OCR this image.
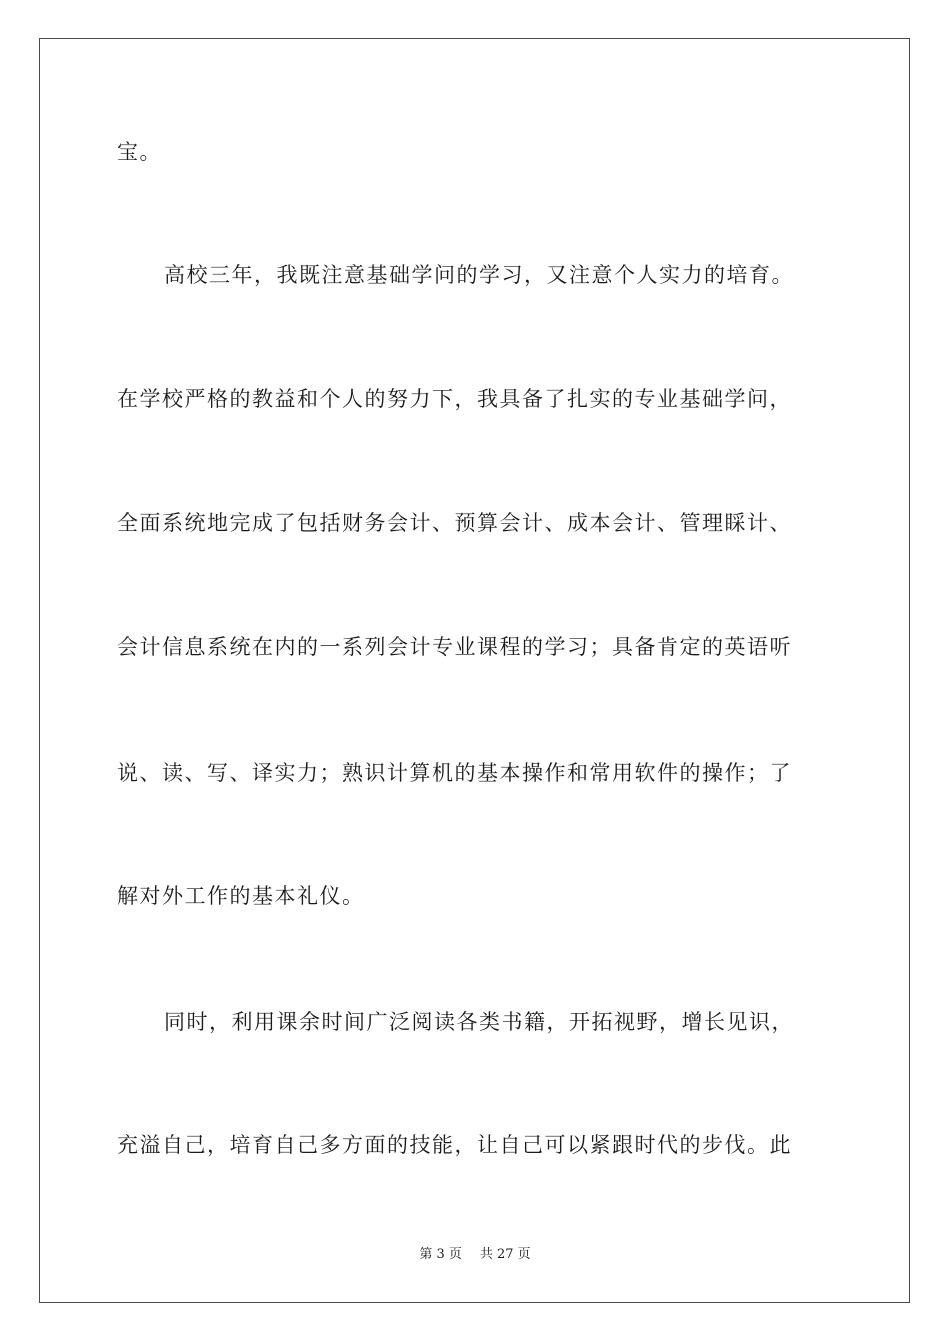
宝。
高校三年，我既注意基础学问的学习，又注意个人实力的培育。
在学校严格的教益和个人的努力下，我具备了扎实的专业基础学问，
全面系统地完成了包括财务会计、预算会计、成本会计、管理睬计、
会计信息系统在内的一系列会计专业课程的学习；具备肯定的英语听
说、读、写、译实力；熟识计算机的基本操作和常用软件的操作；了
解对外工作的基本礼仪。
同时，利用课余时间广泛阅读各类书籍，开拓视野，增长见识，
充溢自己，培育自己多方面的技能，让自己可以紧跟时代的步伐。此
第 3 页 共 27 页
